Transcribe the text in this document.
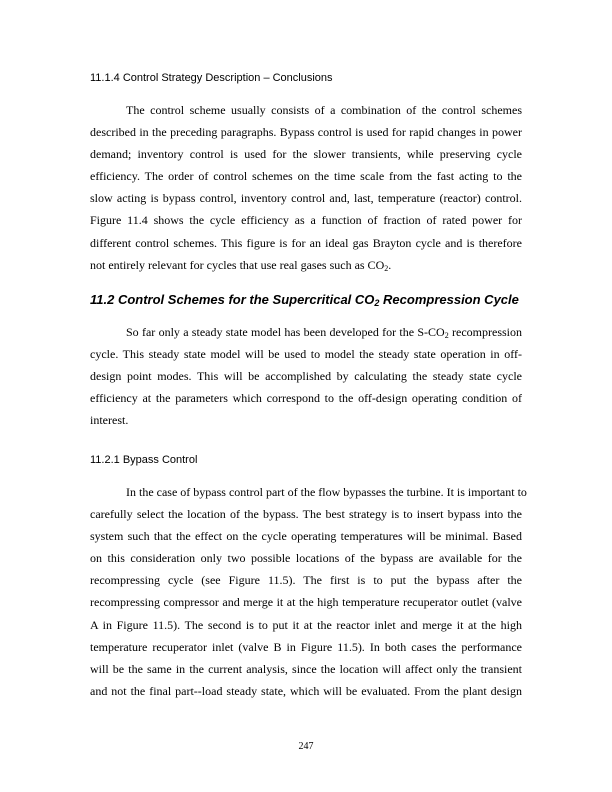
11.1.4 Control Strategy Description – Conclusions
The control scheme usually consists of a combination of the control schemes
described in the preceding paragraphs. Bypass control is used for rapid changes in power
demand; inventory control is used for the slower transients, while preserving cycle
efficiency. The order of control schemes on the time scale from the fast acting to the
slow acting is bypass control, inventory control and, last, temperature (reactor) control.
Figure 11.4 shows the cycle efficiency as a function of fraction of rated power for
different control schemes. This figure is for an ideal gas Brayton cycle and is therefore
not entirely relevant for cycles that use real gases such as $CO_2$.
11.2 Control Schemes for the Supercritical $CO_2$ Recompression Cycle
So far only a steady state model has been developed for the $S-CO_2$ recompression
cycle. This steady state model will be used to model the steady state operation in off-
design point modes. This will be accomplished by calculating the steady state cycle
efficiency at the parameters which correspond to the off-design operating condition of
interest.
11.2.1 Bypass Control
In the case of bypass control part of the flow bypasses the turbine. It is important to
carefully select the location of the bypass. The best strategy is to insert bypass into the
system such that the effect on the cycle operating temperatures will be minimal. Based
on this consideration only two possible locations of the bypass are available for the
recompressing cycle (see Figure 11.5). The first is to put the bypass after the
recompressing compressor and merge it at the high temperature recuperator outlet (valve
A in Figure 11.5). The second is to put it at the reactor inlet and merge it at the high
temperature recuperator inlet (valve B in Figure 11.5). In both cases the performance
will be the same in the current analysis, since the location will affect only the transient
and not the final part--load steady state, which will be evaluated. From the plant design
247
